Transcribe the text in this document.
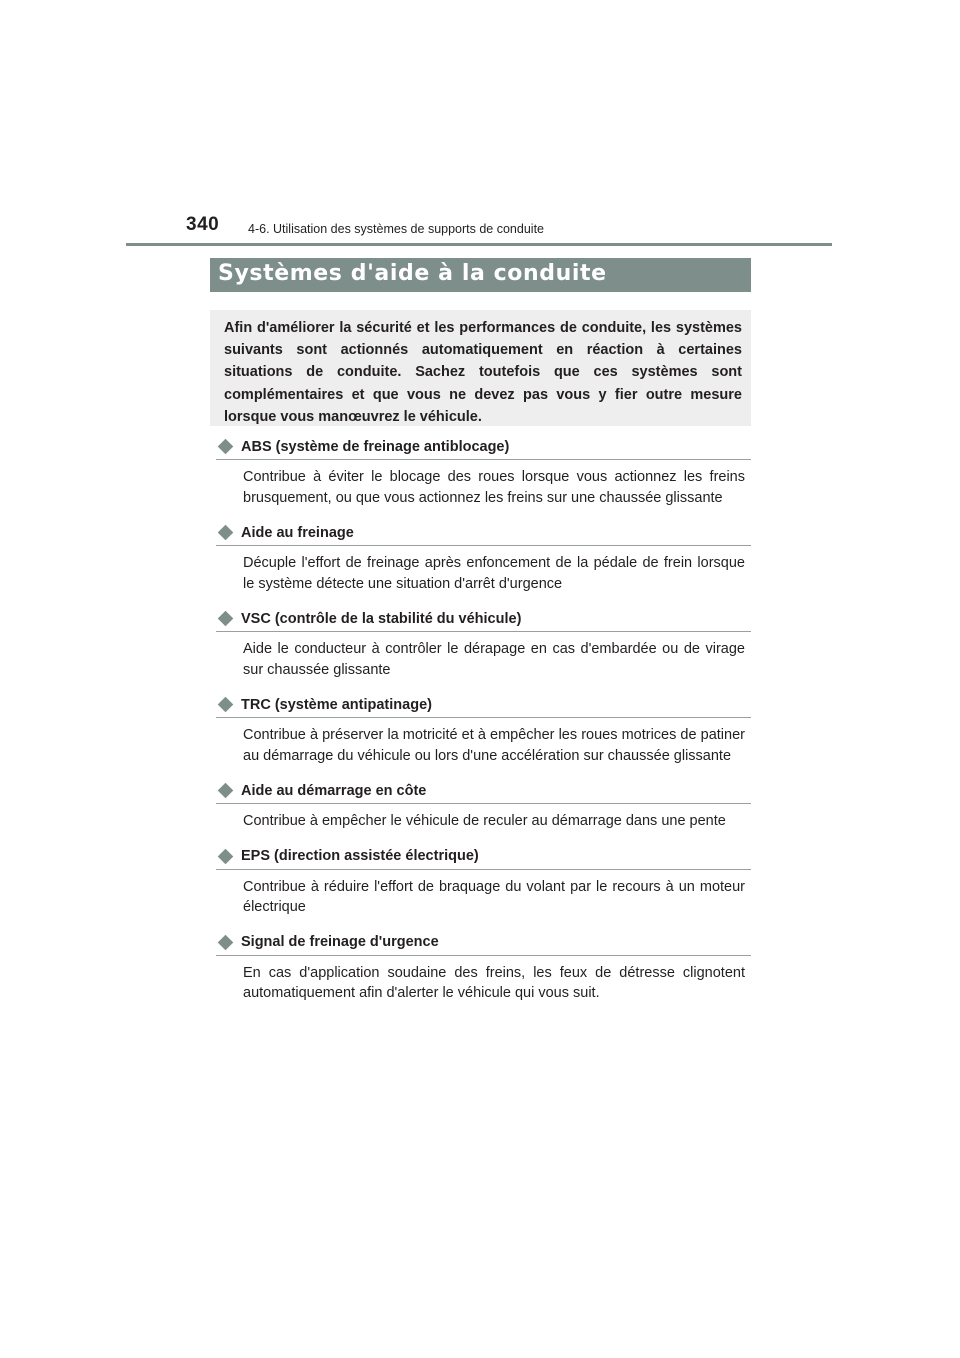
340 4-6. Utilisation des systèmes de supports de conduite
Systèmes d'aide à la conduite

Afin d'améliorer la sécurité et les performances de conduite, les systèmes suivants sont actionnés automatiquement en réaction à certaines situations de conduite. Sachez toutefois que ces systèmes sont complémentaires et que vous ne devez pas vous y fier outre mesure lorsque vous manœuvrez le véhicule.

ABS (système de freinage antiblocage)

Contribue à éviter le blocage des roues lorsque vous actionnez les freins brusquement, ou que vous actionnez les freins sur une chaussée glissante

Aide au freinage

Décuple l'effort de freinage après enfoncement de la pédale de frein lorsque le système détecte une situation d'arrêt d'urgence

VSC (contrôle de la stabilité du véhicule)

Aide le conducteur à contrôler le dérapage en cas d'embardée ou de virage sur chaussée glissante

TRC (système antipatinage)

Contribue à préserver la motricité et à empêcher les roues motrices de patiner au démarrage du véhicule ou lors d'une accélération sur chaussée glissante

Aide au démarrage en côte

Contribue à empêcher le véhicule de reculer au démarrage dans une pente

EPS (direction assistée électrique)

Contribue à réduire l'effort de braquage du volant par le recours à un moteur électrique

Signal de freinage d'urgence

En cas d'application soudaine des freins, les feux de détresse clignotent automatiquement afin d'alerter le véhicule qui vous suit.
